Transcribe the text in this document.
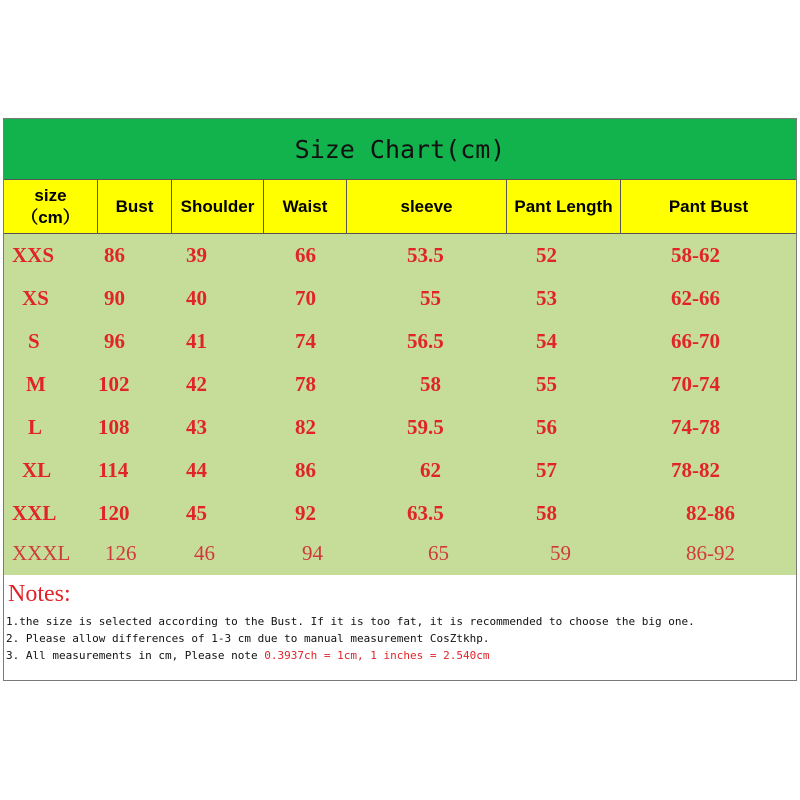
Size Chart(cm)
size
（cm）
Bust	Shoulder	Waist	sleeve	Pant Length	Pant Bust
XXS 86	39	66	53.5	52	58-62
XS	90	40	70	55	53	62-66
S	96	41	74	56.5	54	66-70
M 102	42	78	58	55	70-74
L	108	43	82	59.5	56	74-78
XL 114	44	86	62	57	78-82
XXL 120	45	92	63.5	58	82-86
XXXL 126	46	94	65	59	86-92
Notes:
1.the size is selected according to the Bust. If it is too fat, it is recommended to choose the big one.
2. Please allow differences of 1-3 cm due to manual measurement CosZtkhp.
3. All measurements in cm, Please note 0.3937ch = 1cm, 1 inches = 2.540cm
